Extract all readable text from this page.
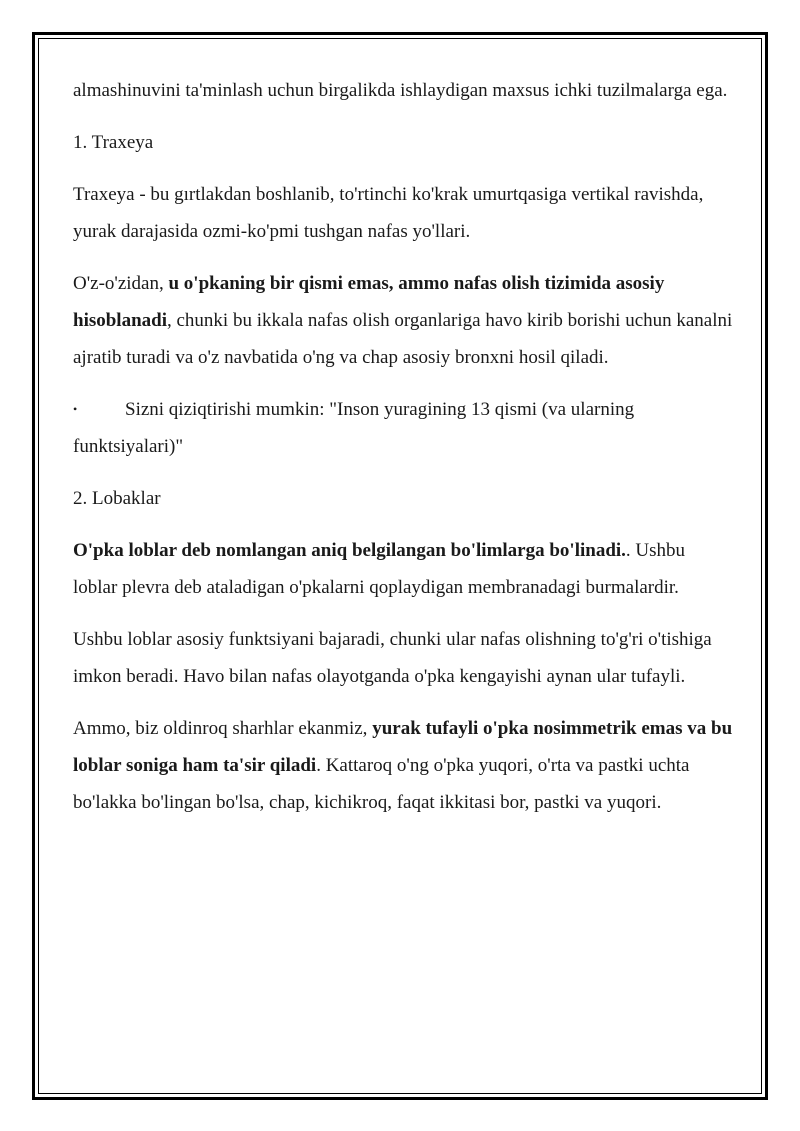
almashinuvini ta'minlash uchun birgalikda ishlaydigan maxsus ichki tuzilmalarga ega.

1. Traxeya

Traxeya - bu gırtlakdan boshlanib, to'rtinchi ko'krak umurtqasiga vertikal ravishda, yurak darajasida ozmi-ko'pmi tushgan nafas yo'llari.

O'z-o'zidan, u o'pkaning bir qismi emas, ammo nafas olish tizimida asosiy hisoblanadi, chunki bu ikkala nafas olish organlariga havo kirib borishi uchun kanalni ajratib turadi va o'z navbatida o'ng va chap asosiy bronxni hosil qiladi.

•	Sizni qiziqtirishi mumkin: "Inson yuragining 13 qismi (va ularning funktsiyalari)"

2. Lobaklar

O'pka loblar deb nomlangan aniq belgilangan bo'limlarga bo'linadi.. Ushbu loblar plevra deb ataladigan o'pkalarni qoplaydigan membranadagi burmalardir.

Ushbu loblar asosiy funktsiyani bajaradi, chunki ular nafas olishning to'g'ri o'tishiga imkon beradi. Havo bilan nafas olayotganda o'pka kengayishi aynan ular tufayli.

Ammo, biz oldinroq sharhlar ekanmiz, yurak tufayli o'pka nosimmetrik emas va bu loblar soniga ham ta'sir qiladi. Kattaroq o'ng o'pka yuqori, o'rta va pastki uchta bo'lakka bo'lingan bo'lsa, chap, kichikroq, faqat ikkitasi bor, pastki va yuqori.
